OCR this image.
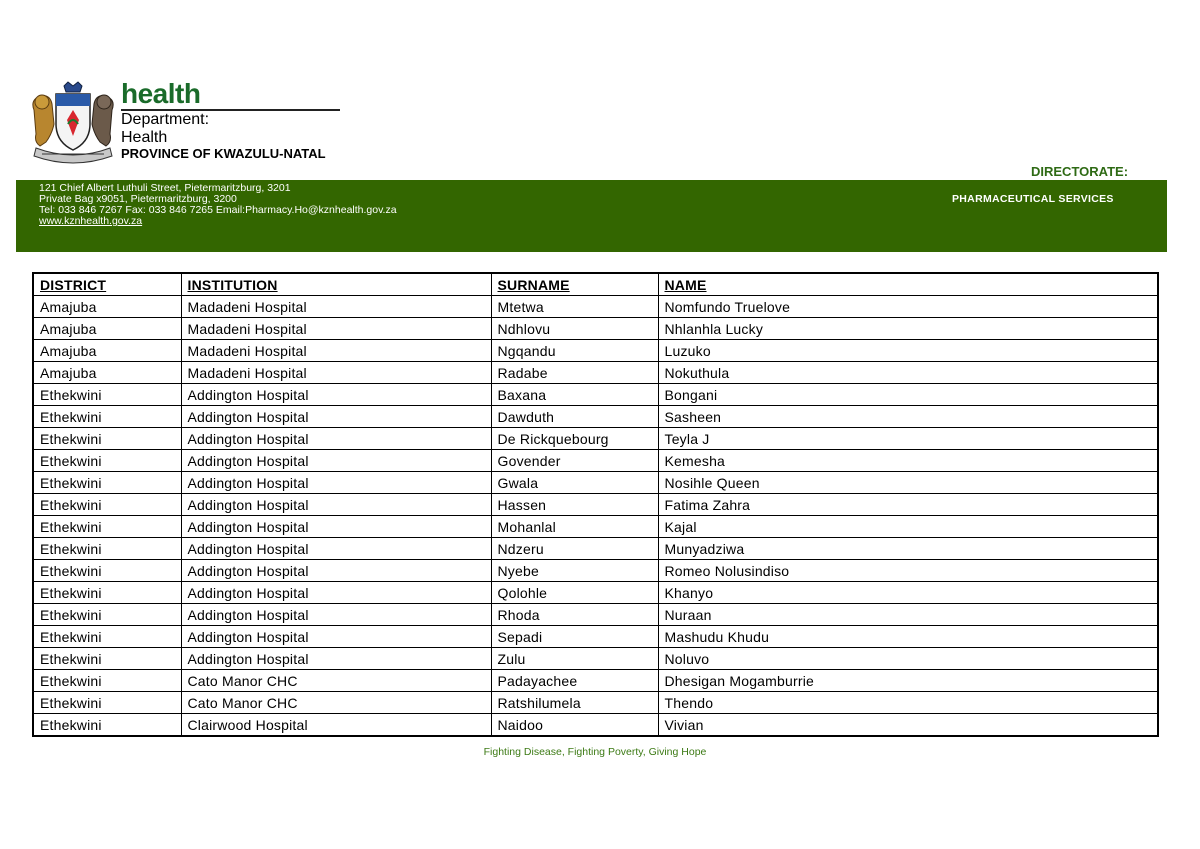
health
Department:
Health
PROVINCE OF KWAZULU-NATAL
DIRECTORATE:
121 Chief Albert Luthuli Street, Pietermaritzburg, 3201
Private Bag x9051, Pietermaritzburg, 3200
Tel: 033 846 7267 Fax: 033 846 7265 Email:Pharmacy.Ho@kznhealth.gov.za
www.kznhealth.gov.za
PHARMACEUTICAL SERVICES
DISTRICT	INSTITUTION	SURNAME	NAME
Amajuba	Madadeni Hospital	Mtetwa	Nomfundo Truelove
Amajuba	Madadeni Hospital	Ndhlovu	Nhlanhla Lucky
Amajuba	Madadeni Hospital	Ngqandu	Luzuko
Amajuba	Madadeni Hospital	Radabe	Nokuthula
Ethekwini	Addington Hospital	Baxana	Bongani
Ethekwini	Addington Hospital	Dawduth	Sasheen
Ethekwini	Addington Hospital	De Rickquebourg	Teyla J
Ethekwini	Addington Hospital	Govender	Kemesha
Ethekwini	Addington Hospital	Gwala	Nosihle Queen
Ethekwini	Addington Hospital	Hassen	Fatima Zahra
Ethekwini	Addington Hospital	Mohanlal	Kajal
Ethekwini	Addington Hospital	Ndzeru	Munyadziwa
Ethekwini	Addington Hospital	Nyebe	Romeo Nolusindiso
Ethekwini	Addington Hospital	Qolohle	Khanyo
Ethekwini	Addington Hospital	Rhoda	Nuraan
Ethekwini	Addington Hospital	Sepadi	Mashudu Khudu
Ethekwini	Addington Hospital	Zulu	Noluvo
Ethekwini	Cato Manor CHC	Padayachee	Dhesigan Mogamburrie
Ethekwini	Cato Manor CHC	Ratshilumela	Thendo
Ethekwini	Clairwood Hospital	Naidoo	Vivian
Fighting Disease, Fighting Poverty, Giving Hope
